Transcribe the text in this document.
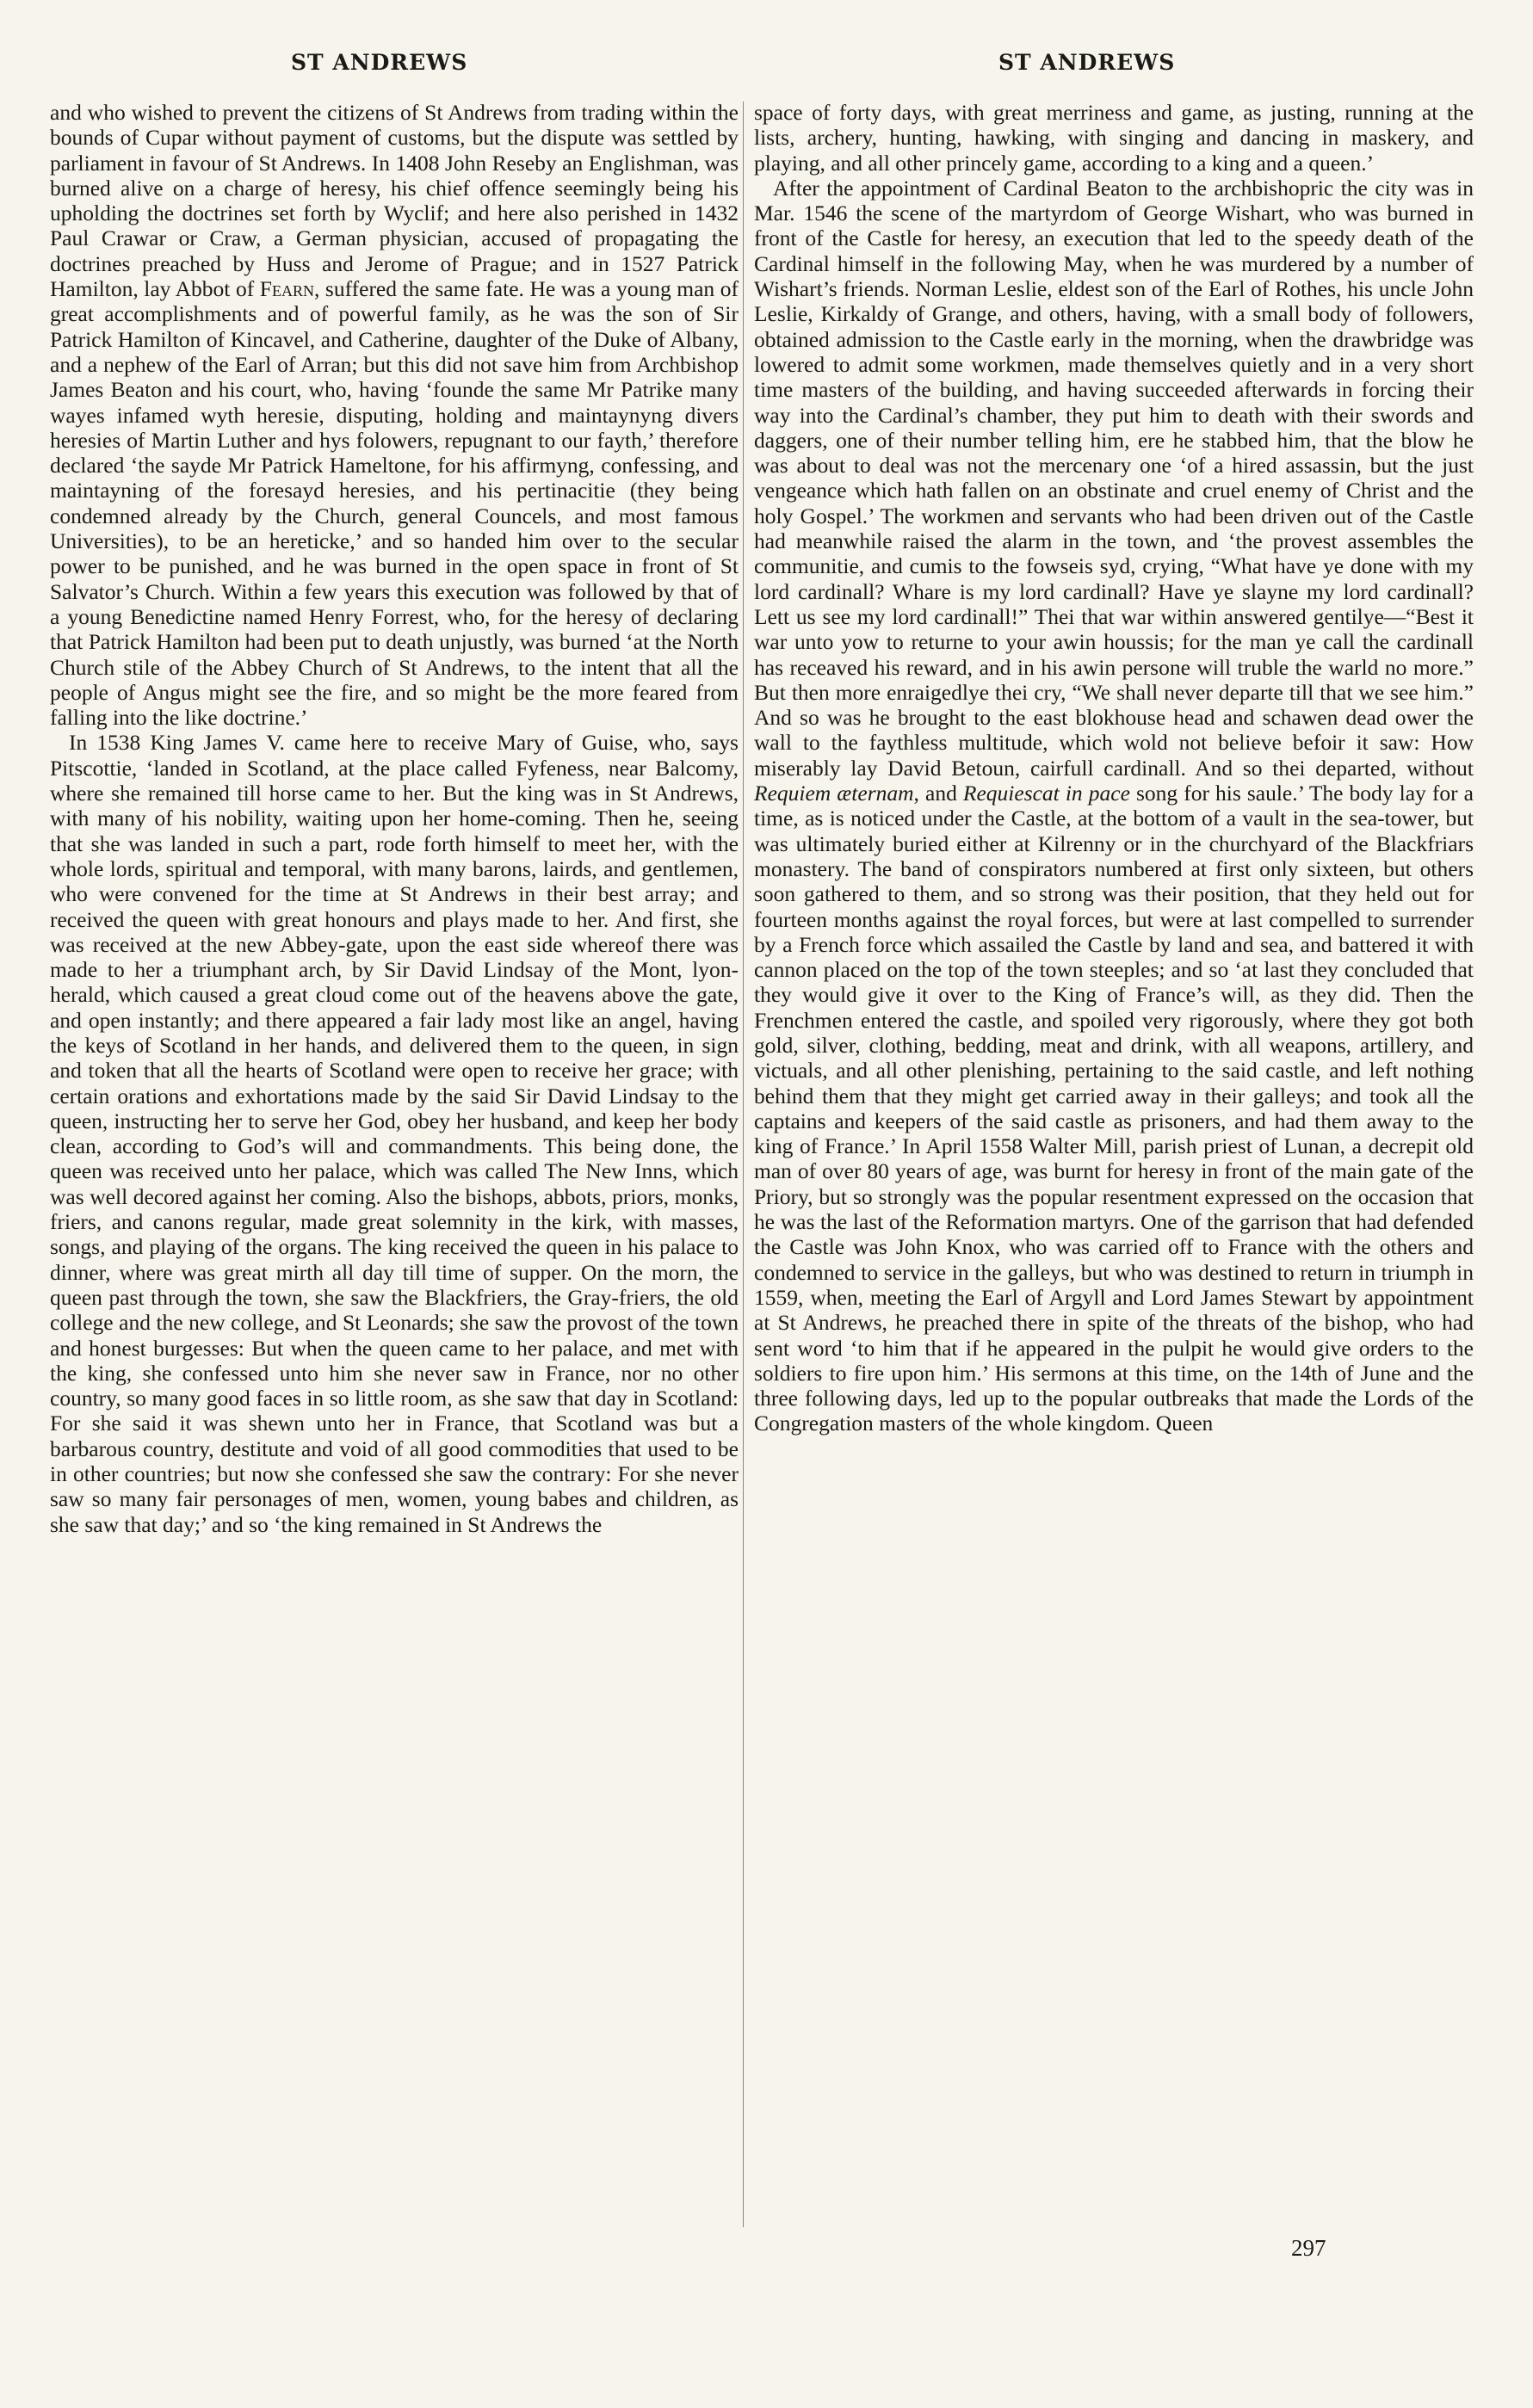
ST ANDREWS	ST ANDREWS

and who wished to prevent the citizens of St Andrews from trading within the bounds of Cupar without payment of customs, but the dispute was settled by parliament in favour of St Andrews. In 1408 John Reseby an Englishman, was burned alive on a charge of heresy, his chief offence seemingly being his upholding the doctrines set forth by Wyclif; and here also perished in 1432 Paul Crawar or Craw, a German physician, accused of propagating the doctrines preached by Huss and Jerome of Prague; and in 1527 Patrick Hamilton, lay Abbot of Fearn, suffered the same fate. He was a young man of great accomplishments and of powerful family, as he was the son of Sir Patrick Hamilton of Kincavel, and Catherine, daughter of the Duke of Albany, and a nephew of the Earl of Arran; but this did not save him from Archbishop James Beaton and his court, who, having ‘founde the same Mr Patrike many wayes infamed wyth heresie, disputing, holding and maintaynyng divers heresies of Martin Luther and hys folowers, repugnant to our fayth,’ therefore declared ‘the sayde Mr Patrick Hameltone, for his affirmyng, confessing, and maintayning of the foresayd heresies, and his pertinacitie (they being condemned already by the Church, general Councels, and most famous Universities), to be an hereticke,’ and so handed him over to the secular power to be punished, and he was burned in the open space in front of St Salvator’s Church. Within a few years this execution was followed by that of a young Benedictine named Henry Forrest, who, for the heresy of declaring that Patrick Hamilton had been put to death unjustly, was burned ‘at the North Church stile of the Abbey Church of St Andrews, to the intent that all the people of Angus might see the fire, and so might be the more feared from falling into the like doctrine.’

In 1538 King James V. came here to receive Mary of Guise, who, says Pitscottie, ‘landed in Scotland, at the place called Fyfeness, near Balcomy, where she remained till horse came to her. But the king was in St Andrews, with many of his nobility, waiting upon her home-coming. Then he, seeing that she was landed in such a part, rode forth himself to meet her, with the whole lords, spiritual and temporal, with many barons, lairds, and gentlemen, who were convened for the time at St Andrews in their best array; and received the queen with great honours and plays made to her. And first, she was received at the new Abbey-gate, upon the east side whereof there was made to her a triumphant arch, by Sir David Lindsay of the Mont, lyon-herald, which caused a great cloud come out of the heavens above the gate, and open instantly; and there appeared a fair lady most like an angel, having the keys of Scotland in her hands, and delivered them to the queen, in sign and token that all the hearts of Scotland were open to receive her grace; with certain orations and exhortations made by the said Sir David Lindsay to the queen, instructing her to serve her God, obey her husband, and keep her body clean, according to God’s will and commandments. This being done, the queen was received unto her palace, which was called The New Inns, which was well decored against her coming. Also the bishops, abbots, priors, monks, friers, and canons regular, made great solemnity in the kirk, with masses, songs, and playing of the organs. The king received the queen in his palace to dinner, where was great mirth all day till time of supper. On the morn, the queen past through the town, she saw the Blackfriers, the Gray-friers, the old college and the new college, and St Leonards; she saw the provost of the town and honest burgesses: But when the queen came to her palace, and met with the king, she confessed unto him she never saw in France, nor no other country, so many good faces in so little room, as she saw that day in Scotland: For she said it was shewn unto her in France, that Scotland was but a barbarous country, destitute and void of all good commodities that used to be in other countries; but now she confessed she saw the contrary: For she never saw so many fair personages of men, women, young babes and children, as she saw that day;’ and so ‘the king remained in St Andrews the

space of forty days, with great merriness and game, as justing, running at the lists, archery, hunting, hawking, with singing and dancing in maskery, and playing, and all other princely game, according to a king and a queen.’

After the appointment of Cardinal Beaton to the archbishopric the city was in Mar. 1546 the scene of the martyrdom of George Wishart, who was burned in front of the Castle for heresy, an execution that led to the speedy death of the Cardinal himself in the following May, when he was murdered by a number of Wishart’s friends. Norman Leslie, eldest son of the Earl of Rothes, his uncle John Leslie, Kirkaldy of Grange, and others, having, with a small body of followers, obtained admission to the Castle early in the morning, when the drawbridge was lowered to admit some workmen, made themselves quietly and in a very short time masters of the building, and having succeeded afterwards in forcing their way into the Cardinal’s chamber, they put him to death with their swords and daggers, one of their number telling him, ere he stabbed him, that the blow he was about to deal was not the mercenary one ‘of a hired assassin, but the just vengeance which hath fallen on an obstinate and cruel enemy of Christ and the holy Gospel.’ The workmen and servants who had been driven out of the Castle had meanwhile raised the alarm in the town, and ‘the provest assembles the communitie, and cumis to the fowseis syd, crying, “What have ye done with my lord cardinall? Whare is my lord cardinall? Have ye slayne my lord cardinall? Lett us see my lord cardinall!” Thei that war within answered gentilye—“Best it war unto yow to returne to your awin houssis; for the man ye call the cardinall has receaved his reward, and in his awin persone will truble the warld no more.” But then more enraigedlye thei cry, “We shall never departe till that we see him.” And so was he brought to the east blokhouse head and schawen dead ower the wall to the faythless multitude, which wold not believe befoir it saw: How miserably lay David Betoun, cairfull cardinall. And so thei departed, without Requiem æternam, and Requiescat in pace song for his saule.’ The body lay for a time, as is noticed under the Castle, at the bottom of a vault in the sea-tower, but was ultimately buried either at Kilrenny or in the churchyard of the Blackfriars monastery. The band of conspirators numbered at first only sixteen, but others soon gathered to them, and so strong was their position, that they held out for fourteen months against the royal forces, but were at last compelled to surrender by a French force which assailed the Castle by land and sea, and battered it with cannon placed on the top of the town steeples; and so ‘at last they concluded that they would give it over to the King of France’s will, as they did. Then the Frenchmen entered the castle, and spoiled very rigorously, where they got both gold, silver, clothing, bedding, meat and drink, with all weapons, artillery, and victuals, and all other plenishing, pertaining to the said castle, and left nothing behind them that they might get carried away in their galleys; and took all the captains and keepers of the said castle as prisoners, and had them away to the king of France.’ In April 1558 Walter Mill, parish priest of Lunan, a decrepit old man of over 80 years of age, was burnt for heresy in front of the main gate of the Priory, but so strongly was the popular resentment expressed on the occasion that he was the last of the Reformation martyrs. One of the garrison that had defended the Castle was John Knox, who was carried off to France with the others and condemned to service in the galleys, but who was destined to return in triumph in 1559, when, meeting the Earl of Argyll and Lord James Stewart by appointment at St Andrews, he preached there in spite of the threats of the bishop, who had sent word ‘to him that if he appeared in the pulpit he would give orders to the soldiers to fire upon him.’ His sermons at this time, on the 14th of June and the three following days, led up to the popular outbreaks that made the Lords of the Congregation masters of the whole kingdom. Queen

297
